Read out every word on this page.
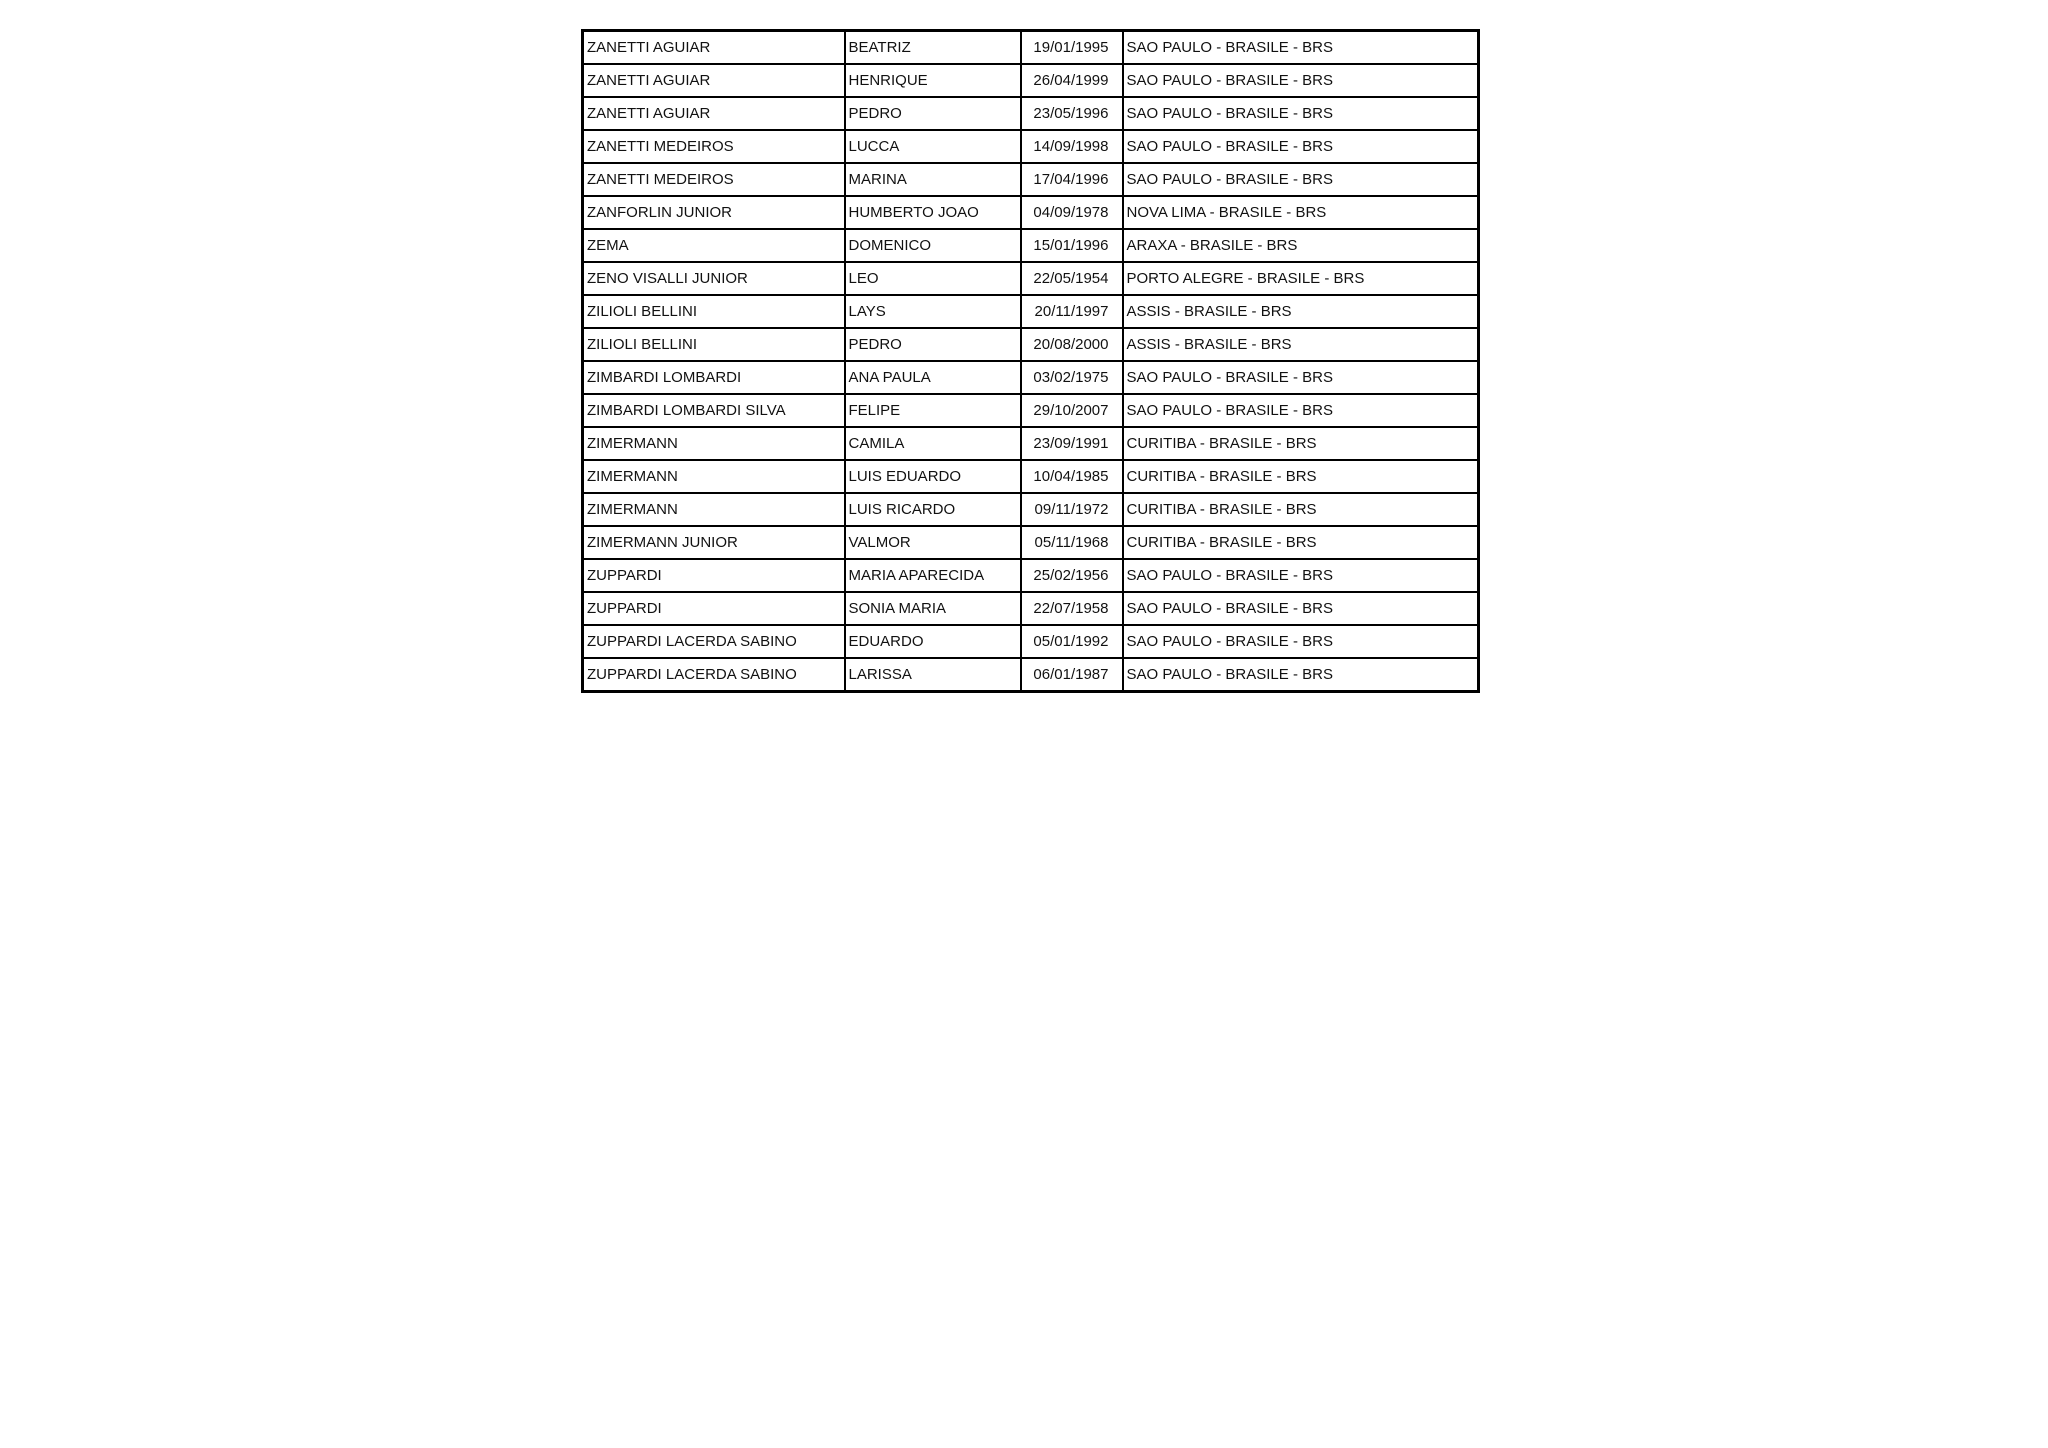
ZANETTI AGUIAR	BEATRIZ	19/01/1995	SAO PAULO - BRASILE - BRS
ZANETTI AGUIAR	HENRIQUE	26/04/1999	SAO PAULO - BRASILE - BRS
ZANETTI AGUIAR	PEDRO	23/05/1996	SAO PAULO - BRASILE - BRS
ZANETTI MEDEIROS	LUCCA	14/09/1998	SAO PAULO - BRASILE - BRS
ZANETTI MEDEIROS	MARINA	17/04/1996	SAO PAULO - BRASILE - BRS
ZANFORLIN JUNIOR	HUMBERTO JOAO	04/09/1978	NOVA LIMA - BRASILE - BRS
ZEMA	DOMENICO	15/01/1996	ARAXA - BRASILE - BRS
ZENO VISALLI JUNIOR	LEO	22/05/1954	PORTO ALEGRE - BRASILE - BRS
ZILIOLI BELLINI	LAYS	20/11/1997	ASSIS - BRASILE - BRS
ZILIOLI BELLINI	PEDRO	20/08/2000	ASSIS - BRASILE - BRS
ZIMBARDI LOMBARDI	ANA PAULA	03/02/1975	SAO PAULO - BRASILE - BRS
ZIMBARDI LOMBARDI SILVA	FELIPE	29/10/2007	SAO PAULO - BRASILE - BRS
ZIMERMANN	CAMILA	23/09/1991	CURITIBA - BRASILE - BRS
ZIMERMANN	LUIS EDUARDO	10/04/1985	CURITIBA - BRASILE - BRS
ZIMERMANN	LUIS RICARDO	09/11/1972	CURITIBA - BRASILE - BRS
ZIMERMANN JUNIOR	VALMOR	05/11/1968	CURITIBA - BRASILE - BRS
ZUPPARDI	MARIA APARECIDA	25/02/1956	SAO PAULO - BRASILE - BRS
ZUPPARDI	SONIA MARIA	22/07/1958	SAO PAULO - BRASILE - BRS
ZUPPARDI LACERDA SABINO	EDUARDO	05/01/1992	SAO PAULO - BRASILE - BRS
ZUPPARDI LACERDA SABINO	LARISSA	06/01/1987	SAO PAULO - BRASILE - BRS
